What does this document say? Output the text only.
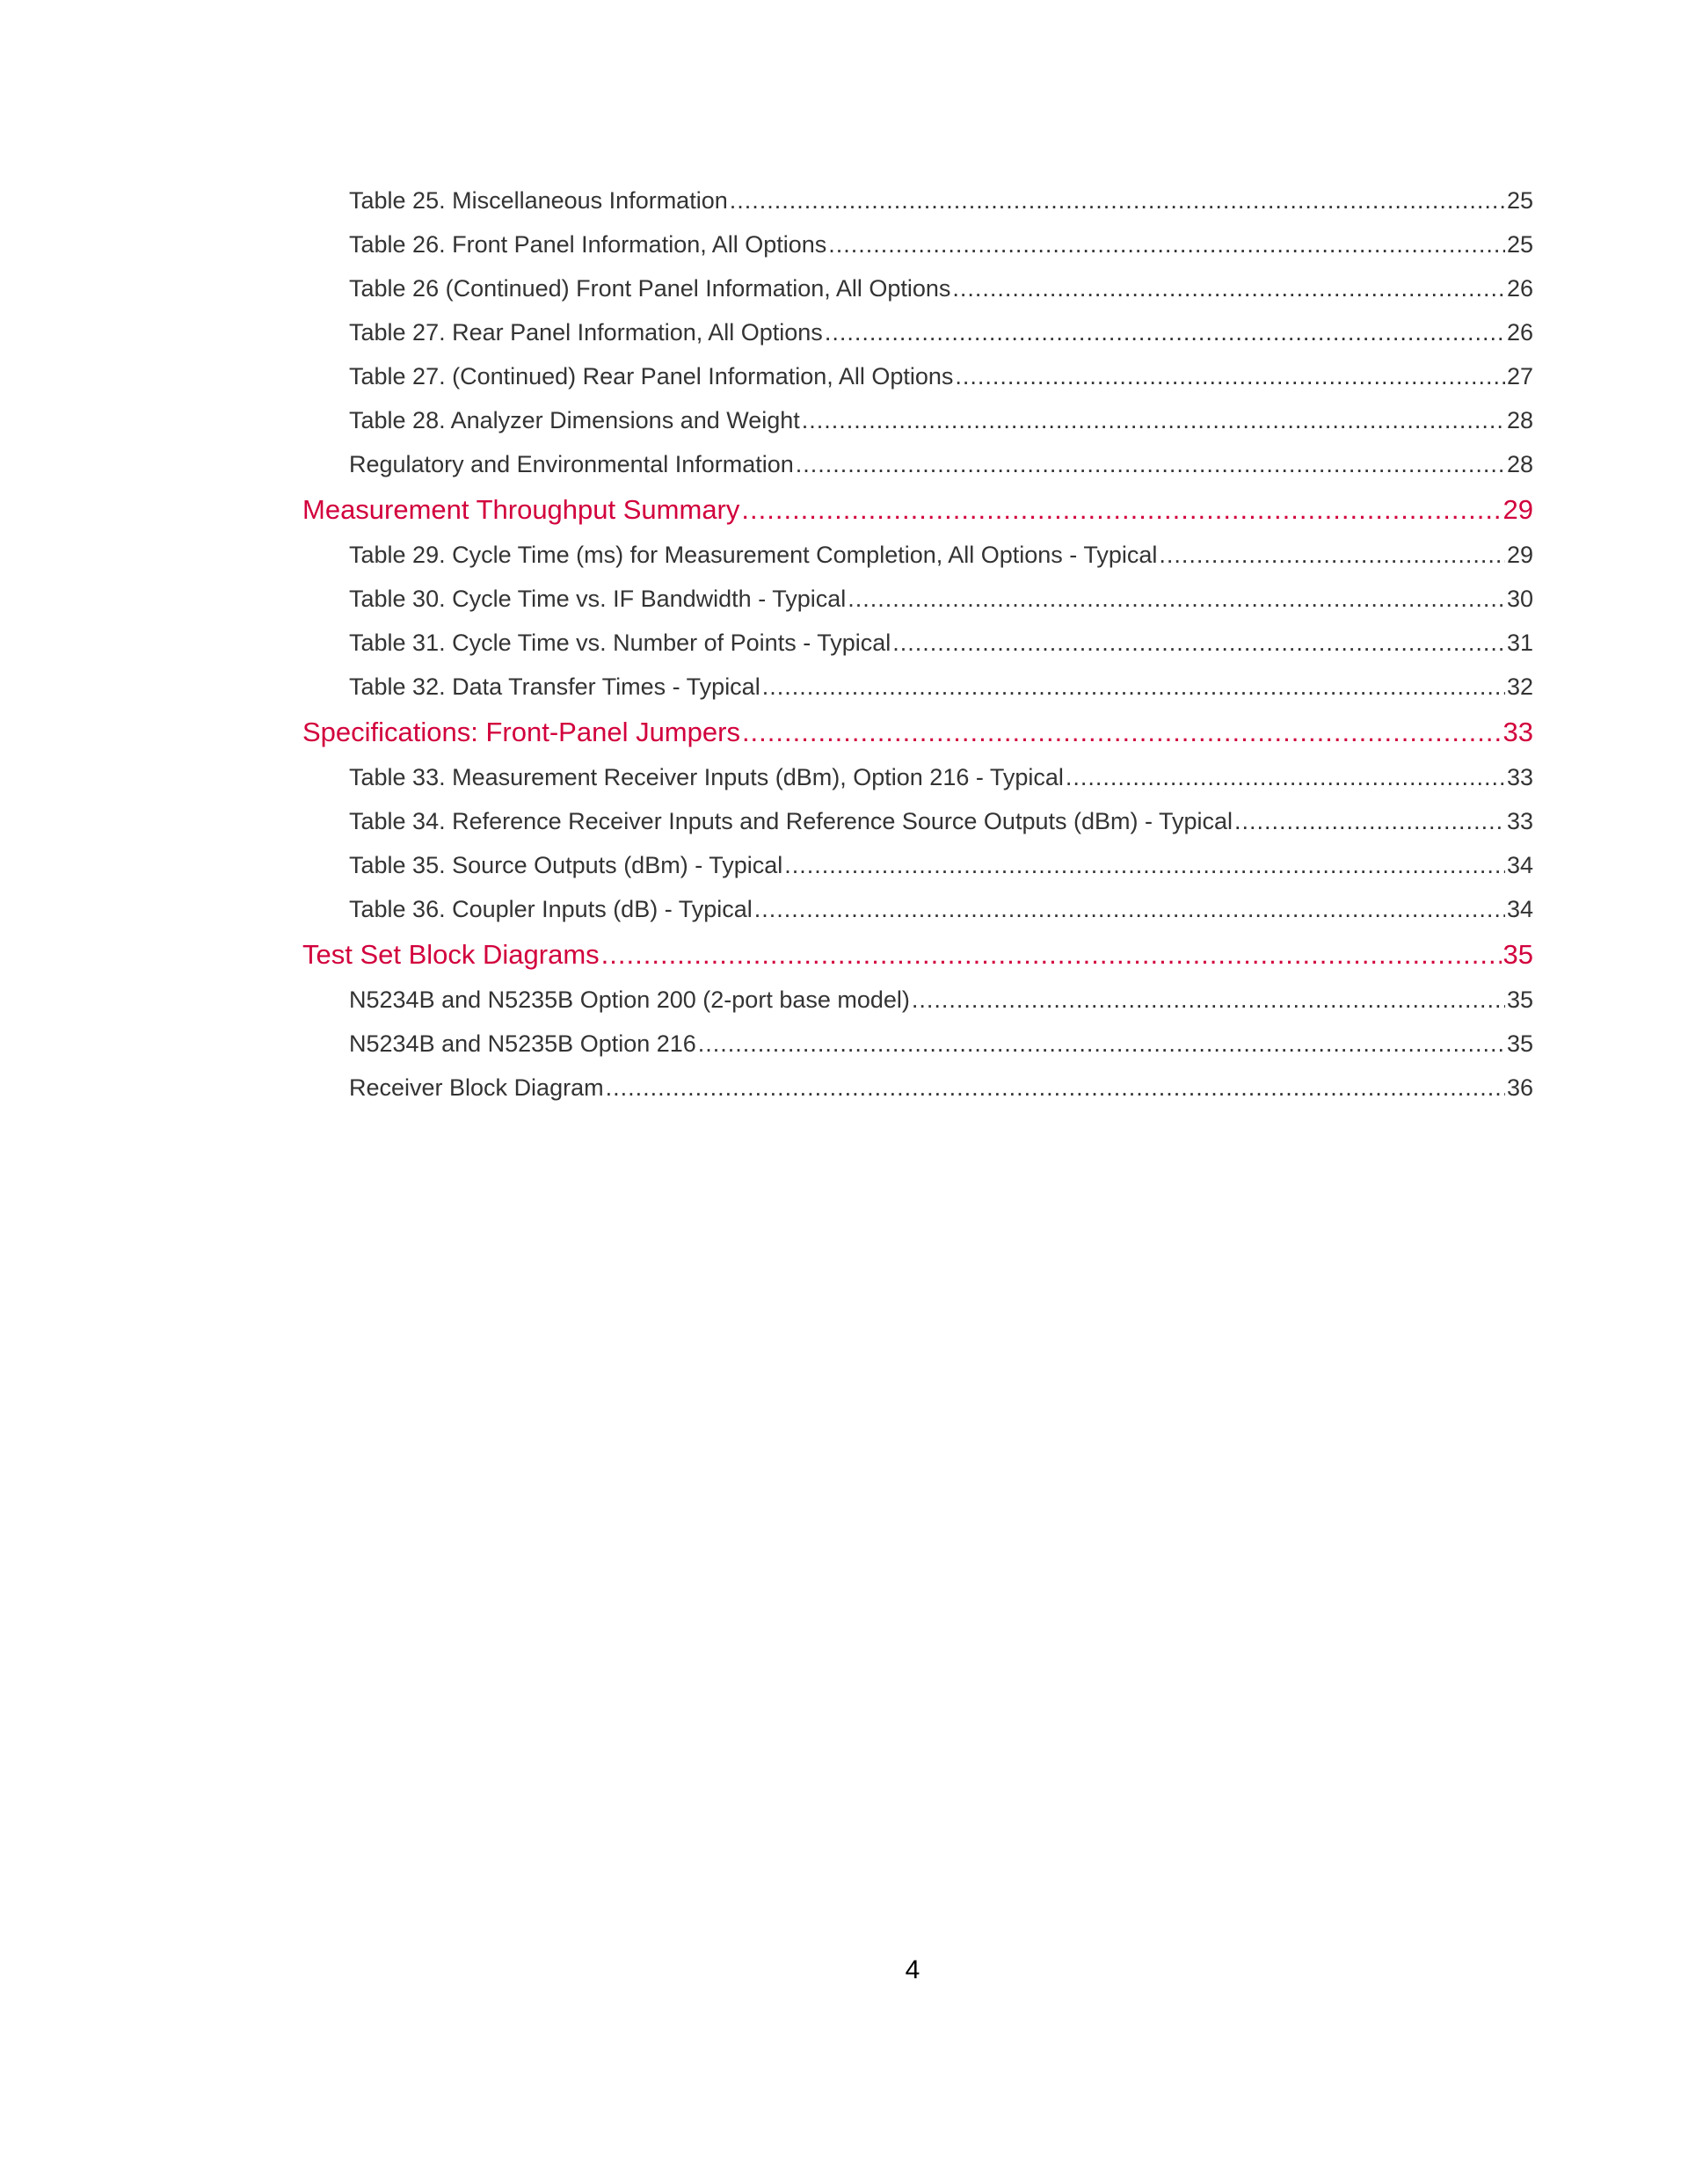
Table 25. Miscellaneous Information .....	25
Table 26. Front Panel Information, All Options .....	25
Table 26 (Continued) Front Panel Information, All Options .....	26
Table 27. Rear Panel Information, All Options .....	26
Table 27. (Continued) Rear Panel Information, All Options .....	27
Table 28. Analyzer Dimensions and Weight .....	28
Regulatory and Environmental Information .....	28
Measurement Throughput Summary .....	29
Table 29. Cycle Time (ms) for Measurement Completion, All Options - Typical .....	29
Table 30. Cycle Time vs. IF Bandwidth - Typical .....	30
Table 31. Cycle Time vs. Number of Points - Typical .....	31
Table 32. Data Transfer Times - Typical .....	32
Specifications: Front-Panel Jumpers .....	33
Table 33. Measurement Receiver Inputs (dBm), Option 216 - Typical .....	33
Table 34. Reference Receiver Inputs and Reference Source Outputs (dBm) - Typical .....	33
Table 35. Source Outputs (dBm) - Typical .....	34
Table 36. Coupler Inputs (dB) - Typical .....	34
Test Set Block Diagrams .....	35
N5234B and N5235B Option 200 (2-port base model) .....	35
N5234B and N5235B Option 216 .....	35
Receiver Block Diagram .....	36
4
